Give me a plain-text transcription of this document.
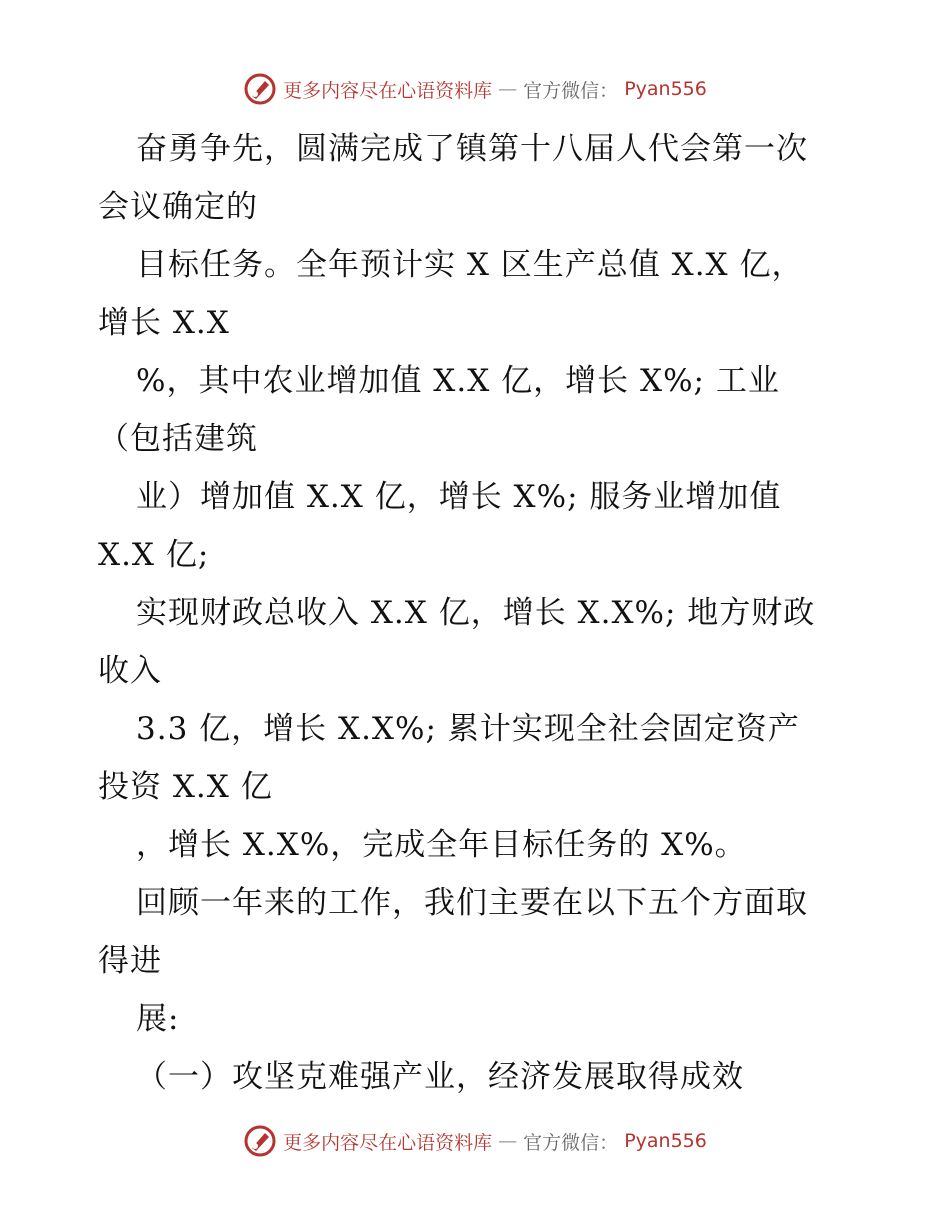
更多内容尽在心语资料库 — 官方微信： Pyan556
奋勇争先，圆满完成了镇第十八届人代会第一次
会议确定的
目标任务。全年预计实 X 区生产总值 X.X 亿，
增长 X.X
%，其中农业增加值 X.X 亿，增长 X%; 工业
（包括建筑
业）增加值 X.X 亿，增长 X%; 服务业增加值
X.X 亿;
实现财政总收入 X.X 亿，增长 X.X%; 地方财政
收入
3.3 亿，增长 X.X%; 累计实现全社会固定资产
投资 X.X 亿
，增长 X.X%，完成全年目标任务的 X%。
回顾一年来的工作，我们主要在以下五个方面取
得进
展:
（一）攻坚克难强产业，经济发展取得成效
更多内容尽在心语资料库 — 官方微信： Pyan556
